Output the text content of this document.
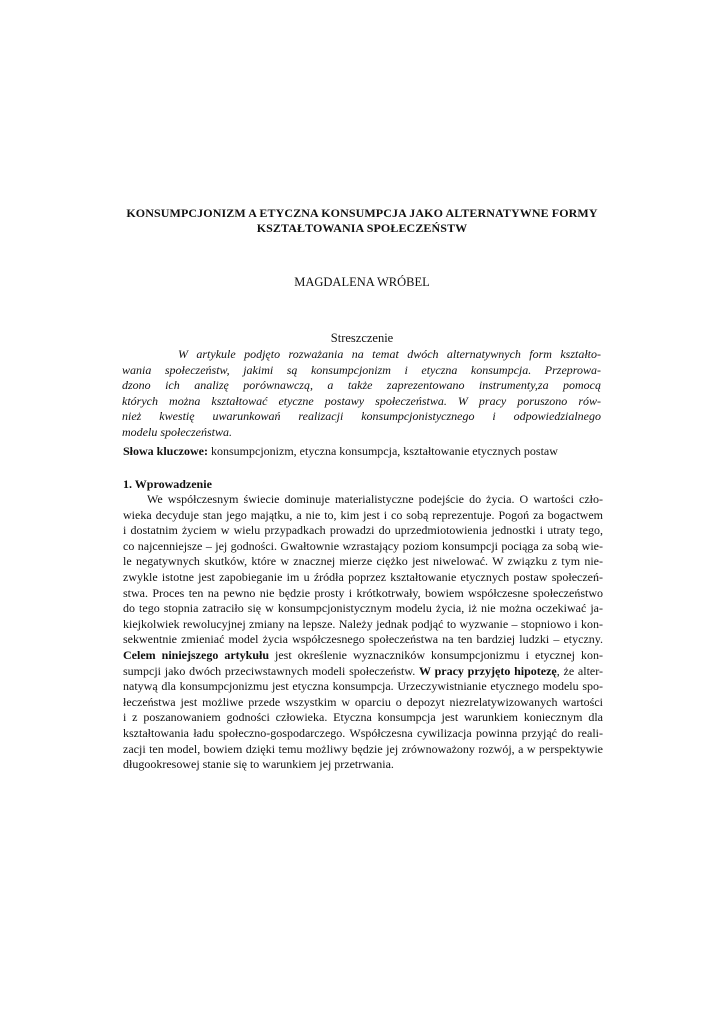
KONSUMPCJONIZM A ETYCZNA KONSUMPCJA JAKO ALTERNATYWNE FORMY
KSZTAŁTOWANIA SPOŁECZEŃSTW
MAGDALENA WRÓBEL
Streszczenie
W artykule podjęto rozważania na temat dwóch alternatywnych form kształto-
wania społeczeństw, jakimi są konsumpcjonizm i etyczna konsumpcja. Przeprowa-
dzono ich analizę porównawczą, a także zaprezentowano instrumenty,za pomocą
których można kształtować etyczne postawy społeczeństwa. W pracy poruszono rów-
nież kwestię uwarunkowań realizacji konsumpcjonistycznego i odpowiedzialnego
modelu społeczeństwa.
Słowa kluczowe: konsumpcjonizm, etyczna konsumpcja, kształtowanie etycznych postaw
1. Wprowadzenie
We współczesnym świecie dominuje materialistyczne podejście do życia. O wartości czło-
wieka decyduje stan jego majątku, a nie to, kim jest i co sobą reprezentuje. Pogoń za bogactwem
i dostatnim życiem w wielu przypadkach prowadzi do uprzedmiotowienia jednostki i utraty tego,
co najcenniejsze – jej godności. Gwałtownie wzrastający poziom konsumpcji pociąga za sobą wie-
le negatywnych skutków, które w znacznej mierze ciężko jest niwelować. W związku z tym nie-
zwykle istotne jest zapobieganie im u źródła poprzez kształtowanie etycznych postaw społeczeń-
stwa. Proces ten na pewno nie będzie prosty i krótkotrwały, bowiem współczesne społeczeństwo
do tego stopnia zatraciło się w konsumpcjonistycznym modelu życia, iż nie można oczekiwać ja-
kiejkolwiek rewolucyjnej zmiany na lepsze. Należy jednak podjąć to wyzwanie – stopniowo i kon-
sekwentnie zmieniać model życia współczesnego społeczeństwa na ten bardziej ludzki – etyczny.
Celem niniejszego artykułu jest określenie wyznaczników konsumpcjonizmu i etycznej kon-
sumpcji jako dwóch przeciwstawnych modeli społeczeństw. W pracy przyjęto hipotezę, że alter-
natywą dla konsumpcjonizmu jest etyczna konsumpcja. Urzeczywistnianie etycznego modelu spo-
łeczeństwa jest możliwe przede wszystkim w oparciu o depozyt niezrelatywizowanych wartości
i z poszanowaniem godności człowieka. Etyczna konsumpcja jest warunkiem koniecznym dla
kształtowania ładu społeczno-gospodarczego. Współczesna cywilizacja powinna przyjąć do reali-
zacji ten model, bowiem dzięki temu możliwy będzie jej zrównoważony rozwój, a w perspektywie
długookresowej stanie się to warunkiem jej przetrwania.
